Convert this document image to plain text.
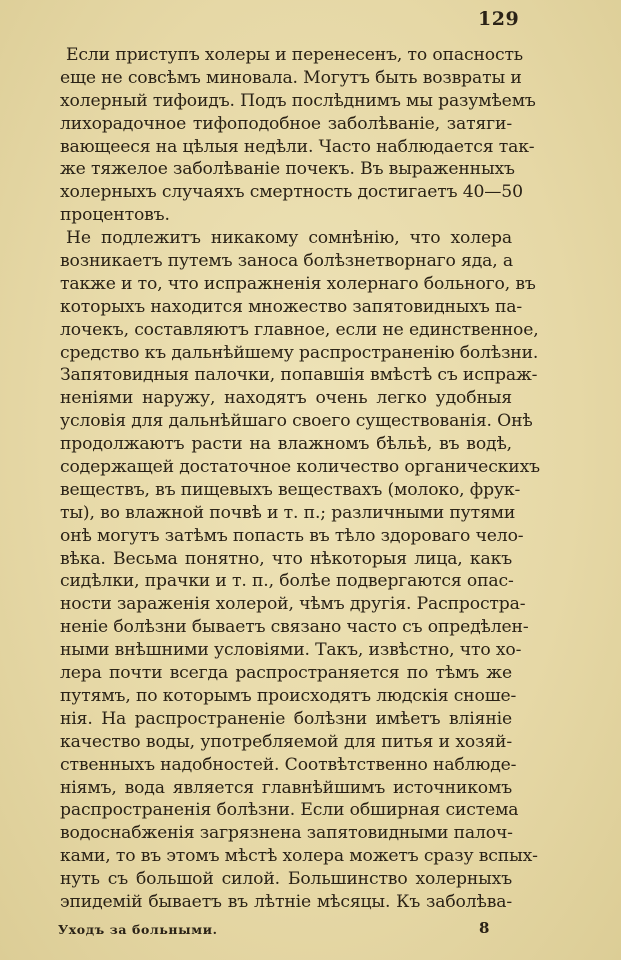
129
Если приступъ холеры и перенесенъ, то опасность
еще не совсѣмъ миновала. Могутъ быть возвраты и
холерный тифоидъ. Подъ послѣднимъ мы разумѣемъ
лихорадочное тифоподобное заболѣваніе, затяги-
вающееся на цѣлыя недѣли. Часто наблюдается так-
же тяжелое заболѣваніе почекъ. Въ выраженныхъ
холерныхъ случаяхъ смертность достигаетъ 40—50
процентовъ.
Не подлежитъ никакому сомнѣнію, что холера
возникаетъ путемъ заноса болѣзнетворнаго яда, а
также и то, что испражненія холернаго больного, въ
которыхъ находится множество запятовидныхъ па-
лочекъ, составляютъ главное, если не единственное,
средство къ дальнѣйшему распространенію болѣзни.
Запятовидныя палочки, попавшія вмѣстѣ съ испраж-
неніями наружу, находятъ очень легко удобныя
условія для дальнѣйшаго своего существованія. Онѣ
продолжаютъ расти на влажномъ бѣльѣ, въ водѣ,
содержащей достаточное количество органическихъ
веществъ, въ пищевыхъ веществахъ (молоко, фрук-
ты), во влажной почвѣ и т. п.; различными путями
онѣ могутъ затѣмъ попасть въ тѣло здороваго чело-
вѣка. Весьма понятно, что нѣкоторыя лица, какъ
сидѣлки, прачки и т. п., болѣе подвергаются опас-
ности зараженія холерой, чѣмъ другія. Распростра-
неніе болѣзни бываетъ связано часто съ опредѣлен-
ными внѣшними условіями. Такъ, извѣстно, что хо-
лера почти всегда распространяется по тѣмъ же
путямъ, по которымъ происходятъ людскія сноше-
нія. На распространеніе болѣзни имѣетъ вліяніе
качество воды, употребляемой для питья и хозяй-
ственныхъ надобностей. Соотвѣтственно наблюде-
ніямъ, вода является главнѣйшимъ источникомъ
распространенія болѣзни. Если обширная система
водоснабженія загрязнена запятовидными палоч-
ками, то въ этомъ мѣстѣ холера можетъ сразу вспых-
нуть съ большой силой. Большинство холерныхъ
эпидемій бываетъ въ лѣтніе мѣсяцы. Къ заболѣва-
Уходъ за больными.	8
